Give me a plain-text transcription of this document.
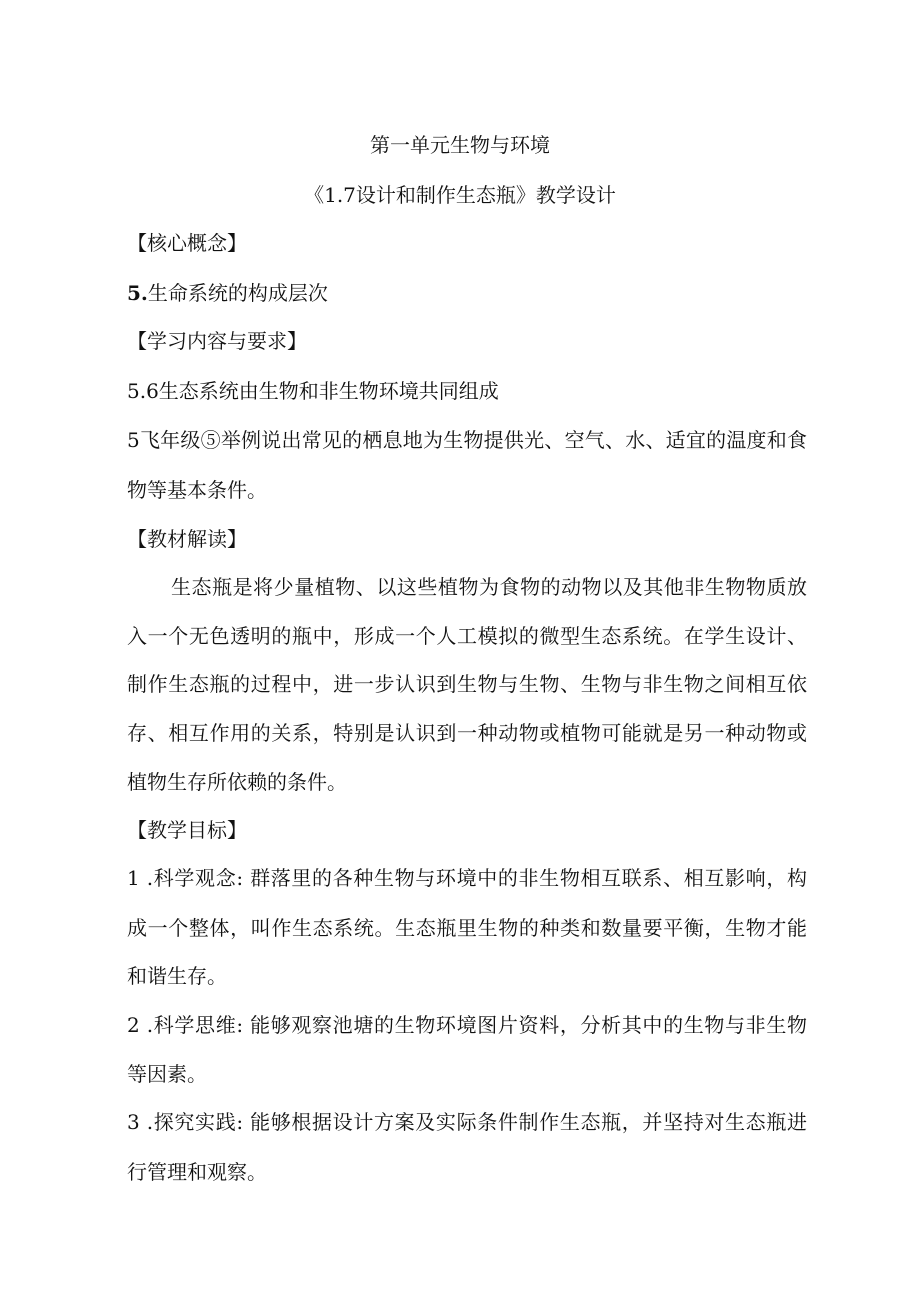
第一单元生物与环境
《1.7设计和制作生态瓶》教学设计

【核心概念】

5.生命系统的构成层次

【学习内容与要求】

5.6生态系统由生物和非生物环境共同组成

5飞年级⑤举例说出常见的栖息地为生物提供光、空气、水、适宜的温度和食

物等基本条件。

【教材解读】

生态瓶是将少量植物、以这些植物为食物的动物以及其他非生物物质放

入一个无色透明的瓶中，形成一个人工模拟的微型生态系统。在学生设计、

制作生态瓶的过程中，进一步认识到生物与生物、生物与非生物之间相互依

存、相互作用的关系，特别是认识到一种动物或植物可能就是另一种动物或

植物生存所依赖的条件。

【教学目标】

1 .科学观念: 群落里的各种生物与环境中的非生物相互联系、相互影响，构

成一个整体，叫作生态系统。生态瓶里生物的种类和数量要平衡，生物才能

和谐生存。

2 .科学思维: 能够观察池塘的生物环境图片资料，分析其中的生物与非生物

等因素。

3 .探究实践: 能够根据设计方案及实际条件制作生态瓶，并坚持对生态瓶进

行管理和观察。
